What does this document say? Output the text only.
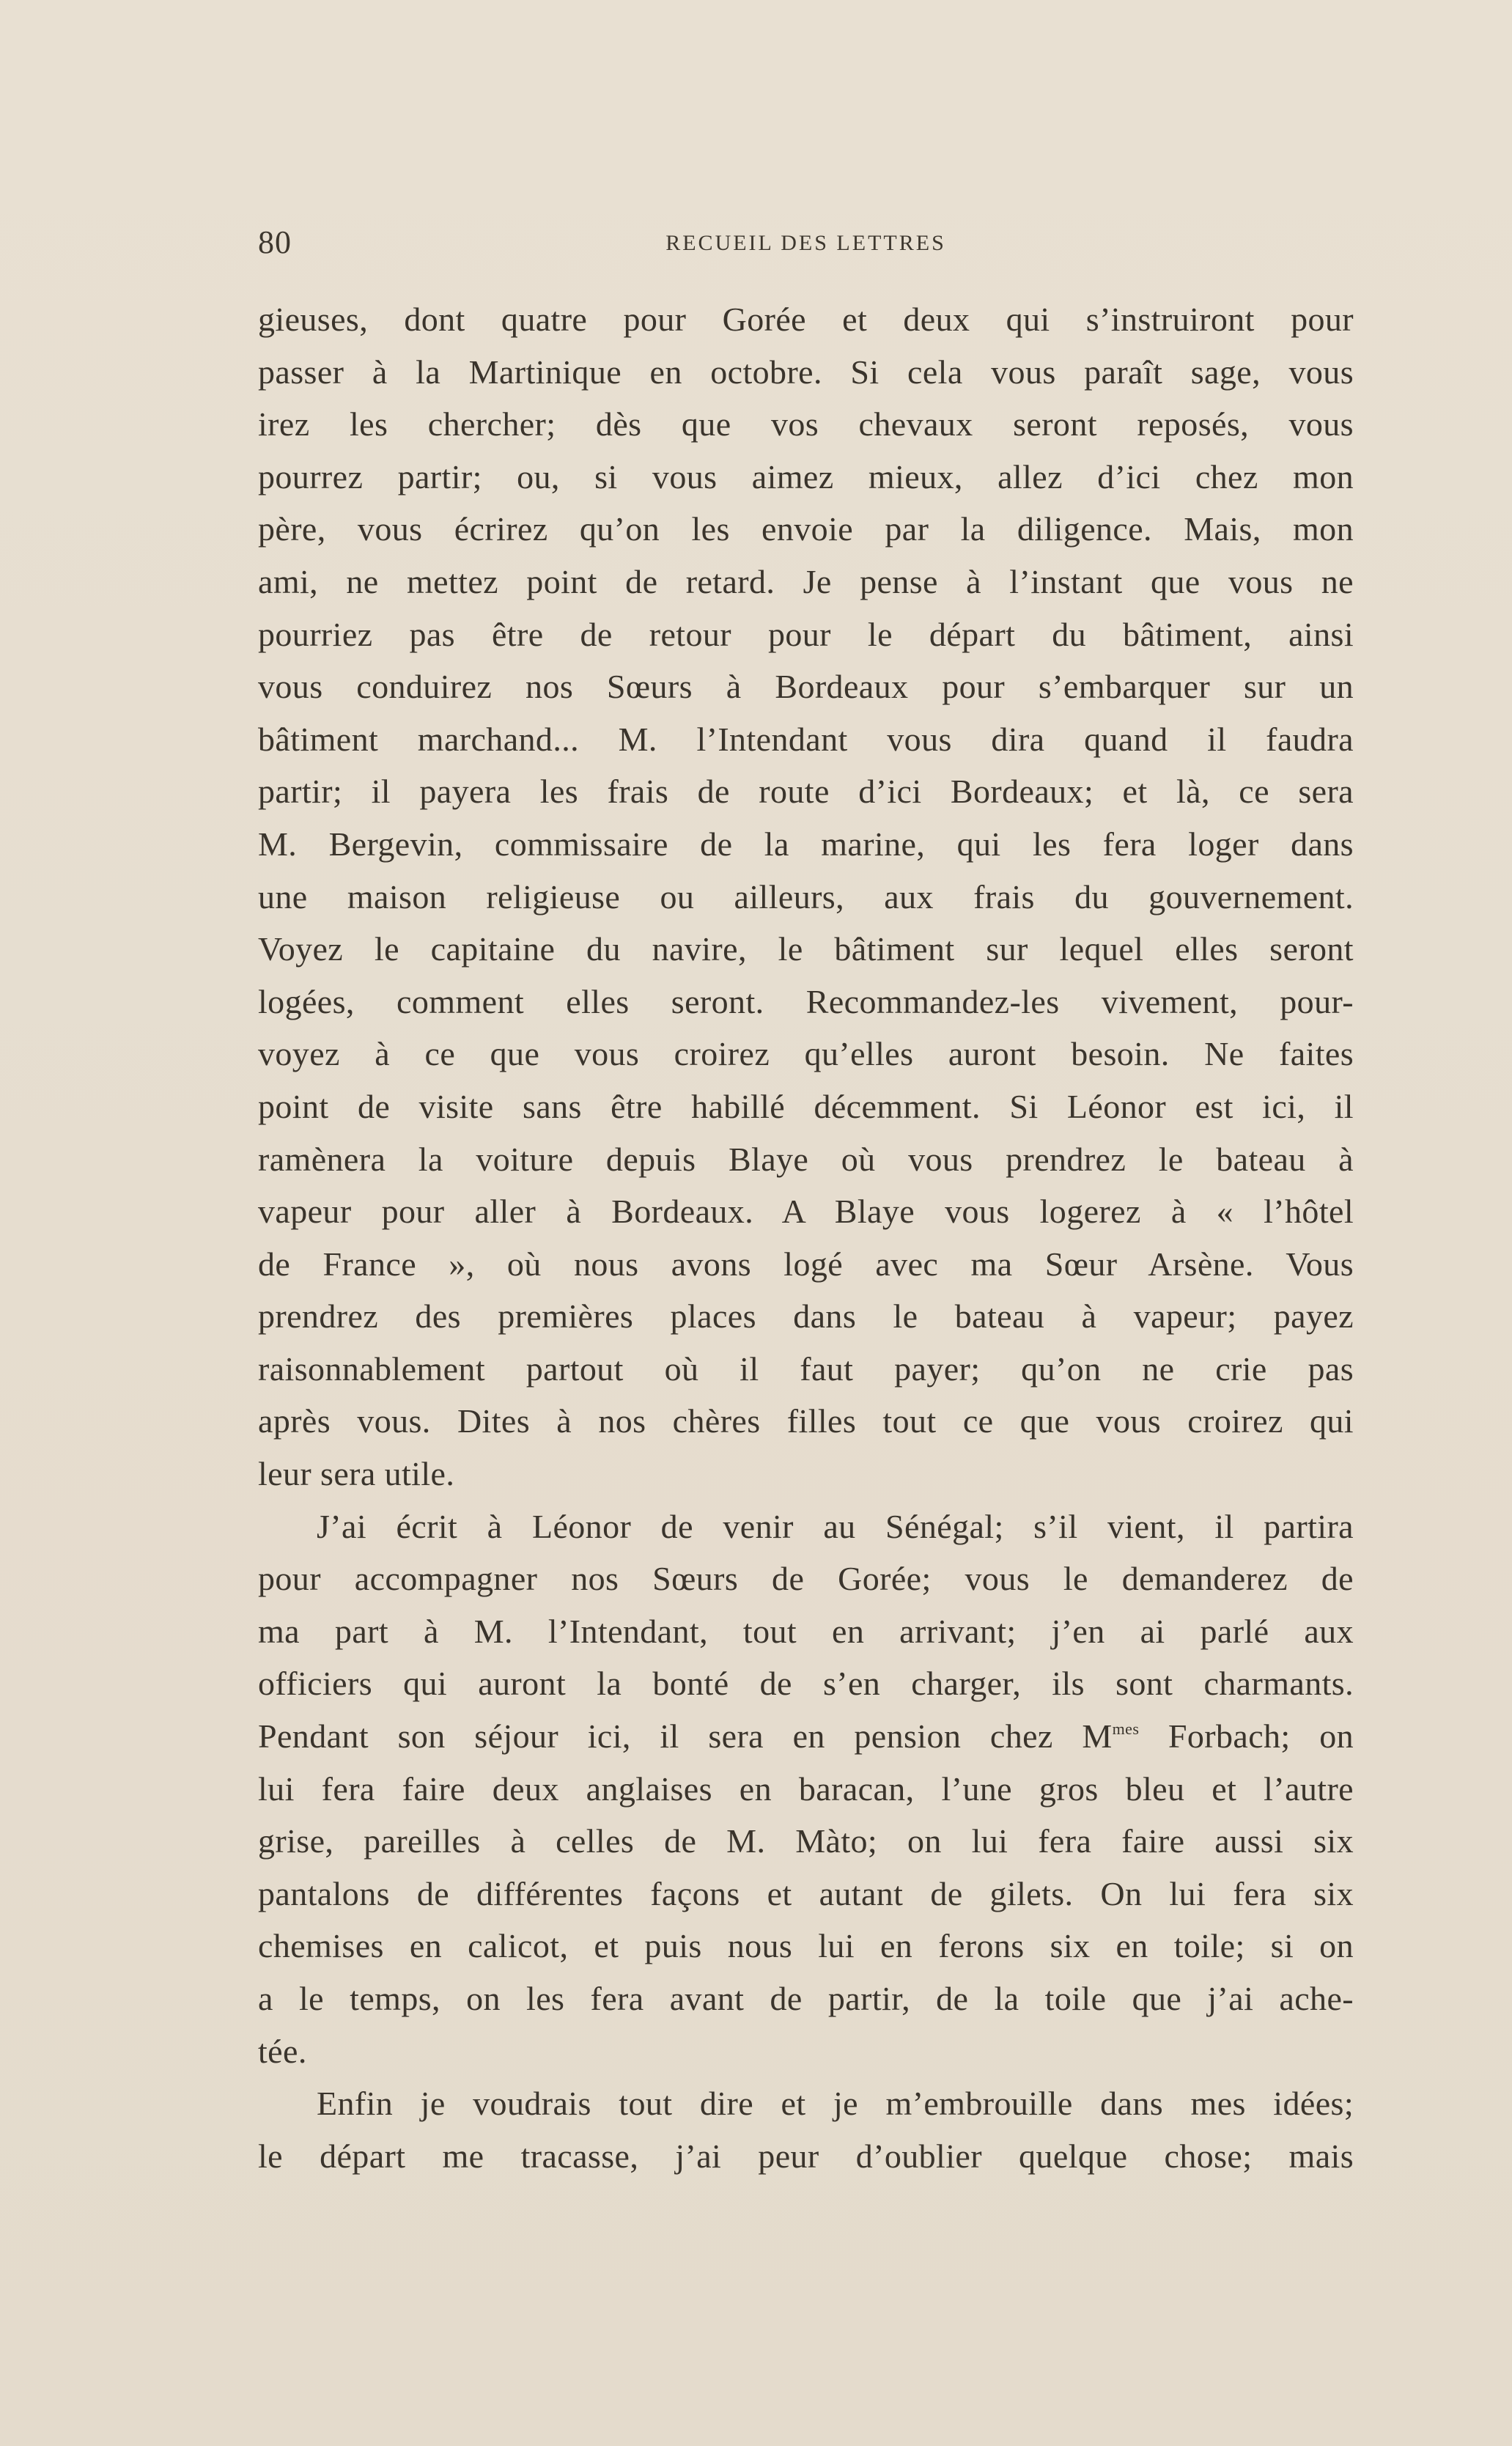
80	RECUEIL DES LETTRES
gieuses, dont quatre pour Gorée et deux qui s’instruiront pour
passer à la Martinique en octobre. Si cela vous paraît sage, vous
irez les chercher; dès que vos chevaux seront reposés, vous
pourrez partir; ou, si vous aimez mieux, allez d’ici chez mon
père, vous écrirez qu’on les envoie par la diligence. Mais, mon
ami, ne mettez point de retard. Je pense à l’instant que vous ne
pourriez pas être de retour pour le départ du bâtiment, ainsi
vous conduirez nos Sœurs à Bordeaux pour s’embarquer sur un
bâtiment marchand... M. l’Intendant vous dira quand il faudra
partir; il payera les frais de route d’ici Bordeaux; et là, ce sera
M. Bergevin, commissaire de la marine, qui les fera loger dans
une maison religieuse ou ailleurs, aux frais du gouvernement.
Voyez le capitaine du navire, le bâtiment sur lequel elles seront
logées, comment elles seront. Recommandez-les vivement, pour-
voyez à ce que vous croirez qu’elles auront besoin. Ne faites
point de visite sans être habillé décemment. Si Léonor est ici, il
ramènera la voiture depuis Blaye où vous prendrez le bateau à
vapeur pour aller à Bordeaux. A Blaye vous logerez à « l’hôtel
de France », où nous avons logé avec ma Sœur Arsène. Vous
prendrez des premières places dans le bateau à vapeur; payez
raisonnablement partout où il faut payer; qu’on ne crie pas
après vous. Dites à nos chères filles tout ce que vous croirez qui
leur sera utile.
J’ai écrit à Léonor de venir au Sénégal; s’il vient, il partira
pour accompagner nos Sœurs de Gorée; vous le demanderez de
ma part à M. l’Intendant, tout en arrivant; j’en ai parlé aux
officiers qui auront la bonté de s’en charger, ils sont charmants.
Pendant son séjour ici, il sera en pension chez $M^{mes}$ Forbach; on
lui fera faire deux anglaises en baracan, l’une gros bleu et l’autre
grise, pareilles à celles de M. Màto; on lui fera faire aussi six
pantalons de différentes façons et autant de gilets. On lui fera six
chemises en calicot, et puis nous lui en ferons six en toile; si on
a le temps, on les fera avant de partir, de la toile que j’ai ache-
tée.
Enfin je voudrais tout dire et je m’embrouille dans mes idées;
le départ me tracasse, j’ai peur d’oublier quelque chose; mais
